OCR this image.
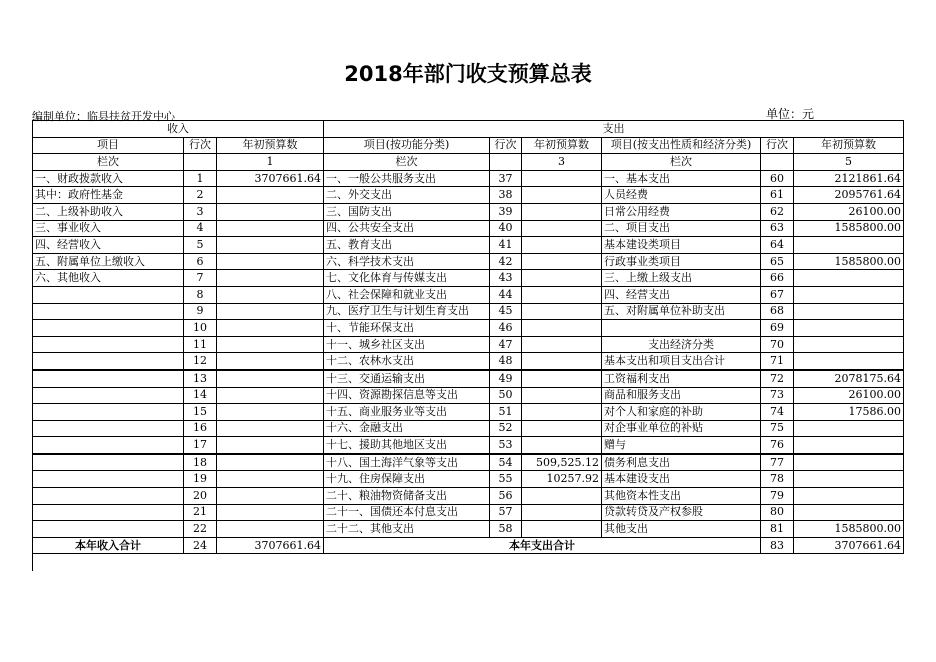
2018年部门收支预算总表
编制单位：临县扶贫开发中心	单位：元
收入			支出					
项目	行次	年初预算数	项目(按功能分类)	行次	年初预算数	项目(按支出性质和经济分类)	行次	年初预算数
栏次		1	栏次		3	栏次		5
一、财政拨款收入	1	3707661.64	一、一般公共服务支出	37		一、基本支出	60	2121861.64
其中：政府性基金	2		二、外交支出	38		人员经费	61	2095761.64
二、上级补助收入	3		三、国防支出	39		日常公用经费	62	26100.00
三、事业收入	4		四、公共安全支出	40		二、项目支出	63	1585800.00
四、经营收入	5		五、教育支出	41		基本建设类项目	64	
五、附属单位上缴收入	6		六、科学技术支出	42		行政事业类项目	65	1585800.00
六、其他收入	7		七、文化体育与传媒支出	43		三、上缴上级支出	66	
	8		八、社会保障和就业支出	44		四、经营支出	67	
	9		九、医疗卫生与计划生育支出	45		五、对附属单位补助支出	68	
	10		十、节能环保支出	46			69	
	11		十一、城乡社区支出	47		支出经济分类	70	
	12		十二、农林水支出	48		基本支出和项目支出合计	71	
	13		十三、交通运输支出	49		工资福利支出	72	2078175.64
	14		十四、资源勘探信息等支出	50		商品和服务支出	73	26100.00
	15		十五、商业服务业等支出	51		对个人和家庭的补助	74	17586.00
	16		十六、金融支出	52		对企事业单位的补贴	75	
	17		十七、援助其他地区支出	53		赠与	76	
	18		十八、国土海洋气象等支出	54	509,525.12	债务利息支出	77	
	19		十九、住房保障支出	55	10257.92	基本建设支出	78	
	20		二十、粮油物资储备支出	56		其他资本性支出	79	
	21		二十一、国债还本付息支出	57		贷款转贷及产权参股	80	
	22		二十二、其他支出	58		其他支出	81	1585800.00
本年收入合计	24	3707661.64	本年支出合计				83	3707661.64
